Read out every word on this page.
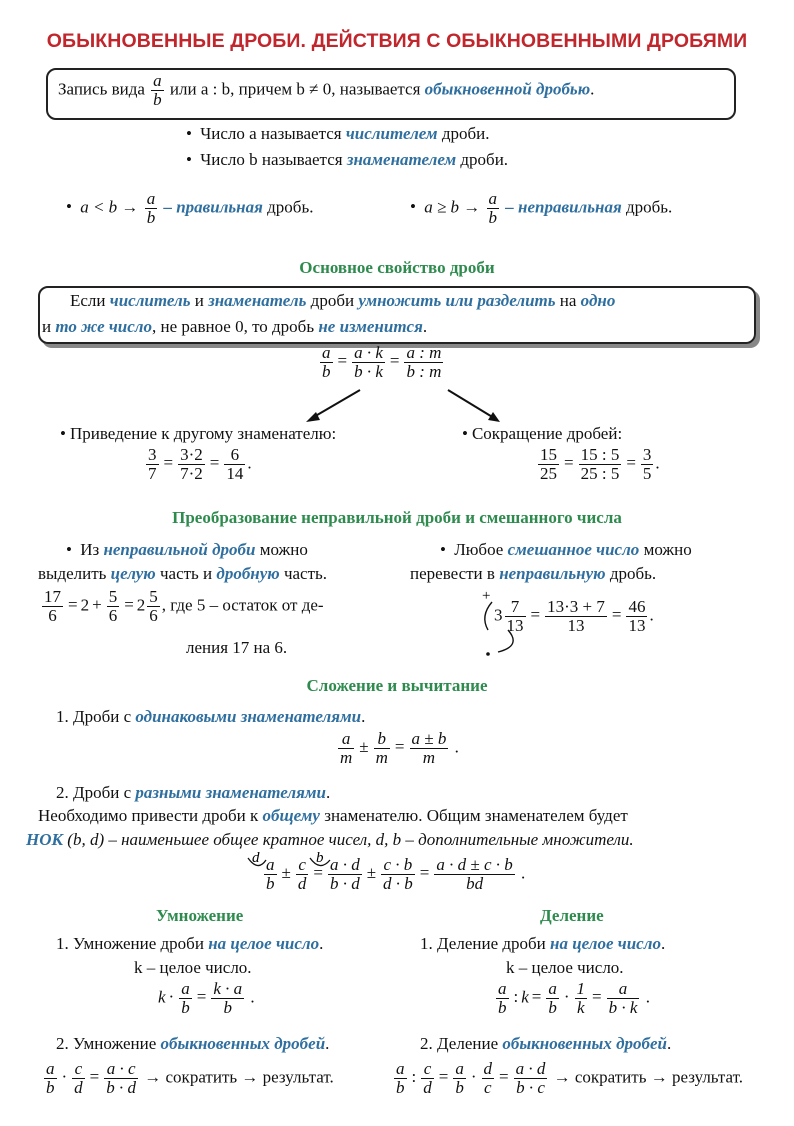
ОБЫКНОВЕННЫЕ ДРОБИ. ДЕЙСТВИЯ С ОБЫКНОВЕННЫМИ ДРОБЯМИ
Запись вида $\frac{a}{b}$ или a : b, причем b ≠ 0, называется обыкновенной дробью.
• Число a называется числителем дроби.
• Число b называется знаменателем дроби.
• $a < b \to \frac{a}{b}$ – правильная дробь.
•	$a \ge b \to \frac{a}{b}$ – неправильная дробь.
Основное свойство дроби
Если числитель и знаменатель дроби умножить или разделить на одно
и то же число, не равное 0, то дробь не изменится.
$\frac{a}{b} = \frac{a \cdot k}{b \cdot k} = \frac{a : m}{b : m}$
• Приведение к другому знаменателю:
$\frac{3}{7} = \frac{3\cdot 2}{7\cdot 2} = \frac{6}{14}$ .
• Сокращение дробей:
$\frac{15}{25} = \frac{15 : 5}{25 : 5} = \frac{3}{5}$ .
Преобразование неправильной дроби и смешанного числа
• Из неправильной дроби можно
выделить целую часть и дробную часть.
$\frac{17}{6} = 2 + \frac{5}{6} = 2 \frac{5}{6}$ , где 5 – остаток от де-
ления 17 на 6.
• Любое смешанное число можно
перевести в неправильную дробь.
+
$3 \frac{7}{13} = \frac{13\cdot 3 + 7}{13} = \frac{46}{13}$ .
Сложение и вычитание
1. Дроби с одинаковыми знаменателями.
$\frac{a}{m} \pm \frac{b}{m} = \frac{a \pm b}{m}$ .
2. Дроби с разными знаменателями.
Необходимо привести дроби к общему знаменателю. Общим знаменателем будет
НОК (b, d) – наименьшее общее кратное чисел, d, b – дополнительные множители.
d	b
$\frac{a}{b} \pm \frac{c}{d} = \frac{a \cdot d}{b \cdot d} \pm \frac{c \cdot b}{d \cdot b} = \frac{a \cdot d \pm c \cdot b}{bd}$ .
Умножение
1. Умножение дроби на целое число.
k – целое число.
$k \cdot \frac{a}{b} = \frac{k \cdot a}{b}$ .
2. Умножение обыкновенных дробей.
$\frac{a}{b} \cdot \frac{c}{d} = \frac{a \cdot c}{b \cdot d}$ → сократить → результат.
Деление
1. Деление дроби на целое число.
k – целое число.
$\frac{a}{b}$ : $k = \frac{a}{b} \cdot \frac{1}{k} = \frac{a}{b \cdot k}$ .
2. Деление обыкновенных дробей.
$\frac{a}{b}$ : $\frac{c}{d} = \frac{a}{b} \cdot \frac{d}{c} = \frac{a \cdot d}{b \cdot c}$ → сократить → результат.
